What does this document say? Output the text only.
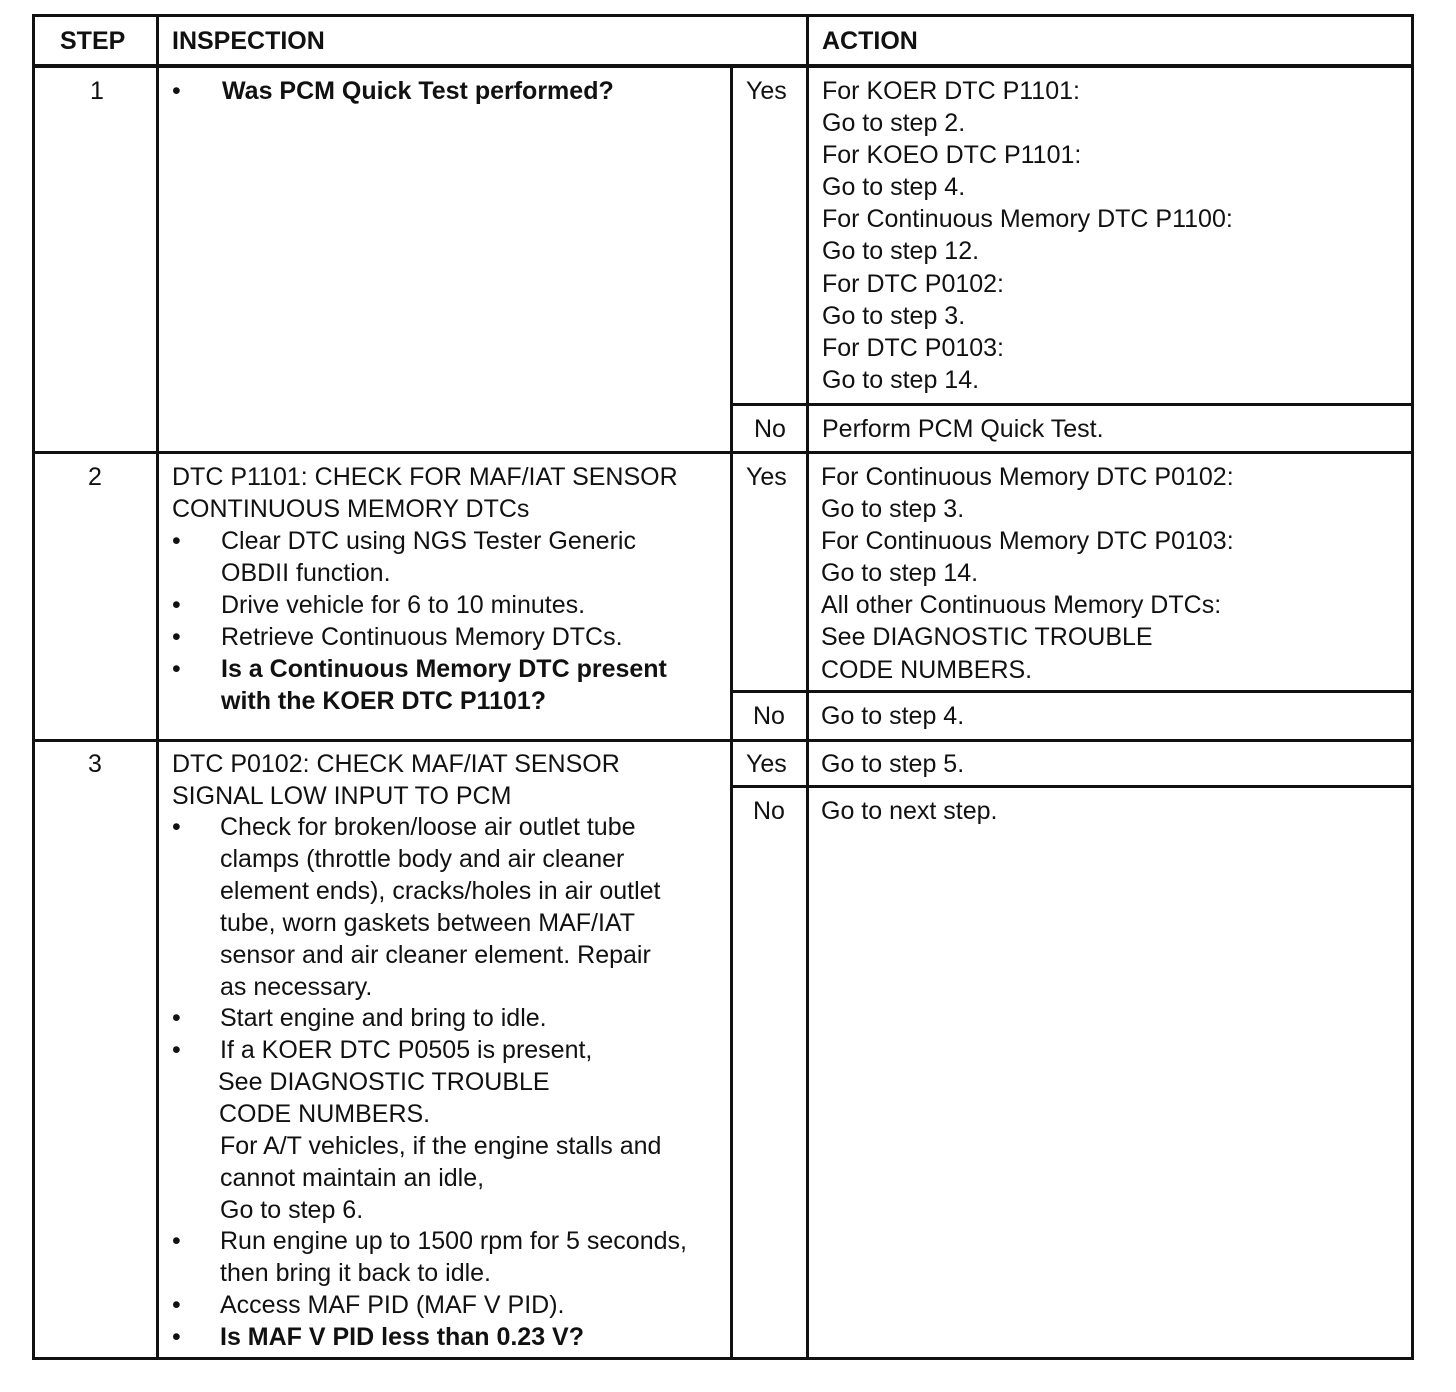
STEP INSPECTION	ACTION
1	• Was PCM Quick Test performed?	Yes For KOER DTC P1101:
Go to step 2.
For KOEO DTC P1101:
Go to step 4.
For Continuous Memory DTC P1100:
Go to step 12.
For DTC P0102:
Go to step 3.
For DTC P0103:
Go to step 14.
No Perform PCM Quick Test.
2	DTC P1101: CHECK FOR MAF/IAT SENSOR
CONTINUOUS MEMORY DTCs
• Clear DTC using NGS Tester Generic
OBDII function.
• Drive vehicle for 6 to 10 minutes.
• Retrieve Continuous Memory DTCs.
• Is a Continuous Memory DTC present
with the KOER DTC P1101?
Yes For Continuous Memory DTC P0102:
Go to step 3.
For Continuous Memory DTC P0103:
Go to step 14.
All other Continuous Memory DTCs:
See DIAGNOSTIC TROUBLE
CODE NUMBERS.
No Go to step 4.
3	DTC P0102: CHECK MAF/IAT SENSOR
SIGNAL LOW INPUT TO PCM
• Check for broken/loose air outlet tube
clamps (throttle body and air cleaner
element ends), cracks/holes in air outlet
tube, worn gaskets between MAF/IAT
sensor and air cleaner element. Repair
as necessary.
• Start engine and bring to idle.
• If a KOER DTC P0505 is present,
See DIAGNOSTIC TROUBLE
CODE NUMBERS.
For A/T vehicles, if the engine stalls and
cannot maintain an idle,
Go to step 6.
• Run engine up to 1500 rpm for 5 seconds,
then bring it back to idle.
• Access MAF PID (MAF V PID).
• Is MAF V PID less than 0.23 V?
Yes Go to step 5.
No Go to next step.
